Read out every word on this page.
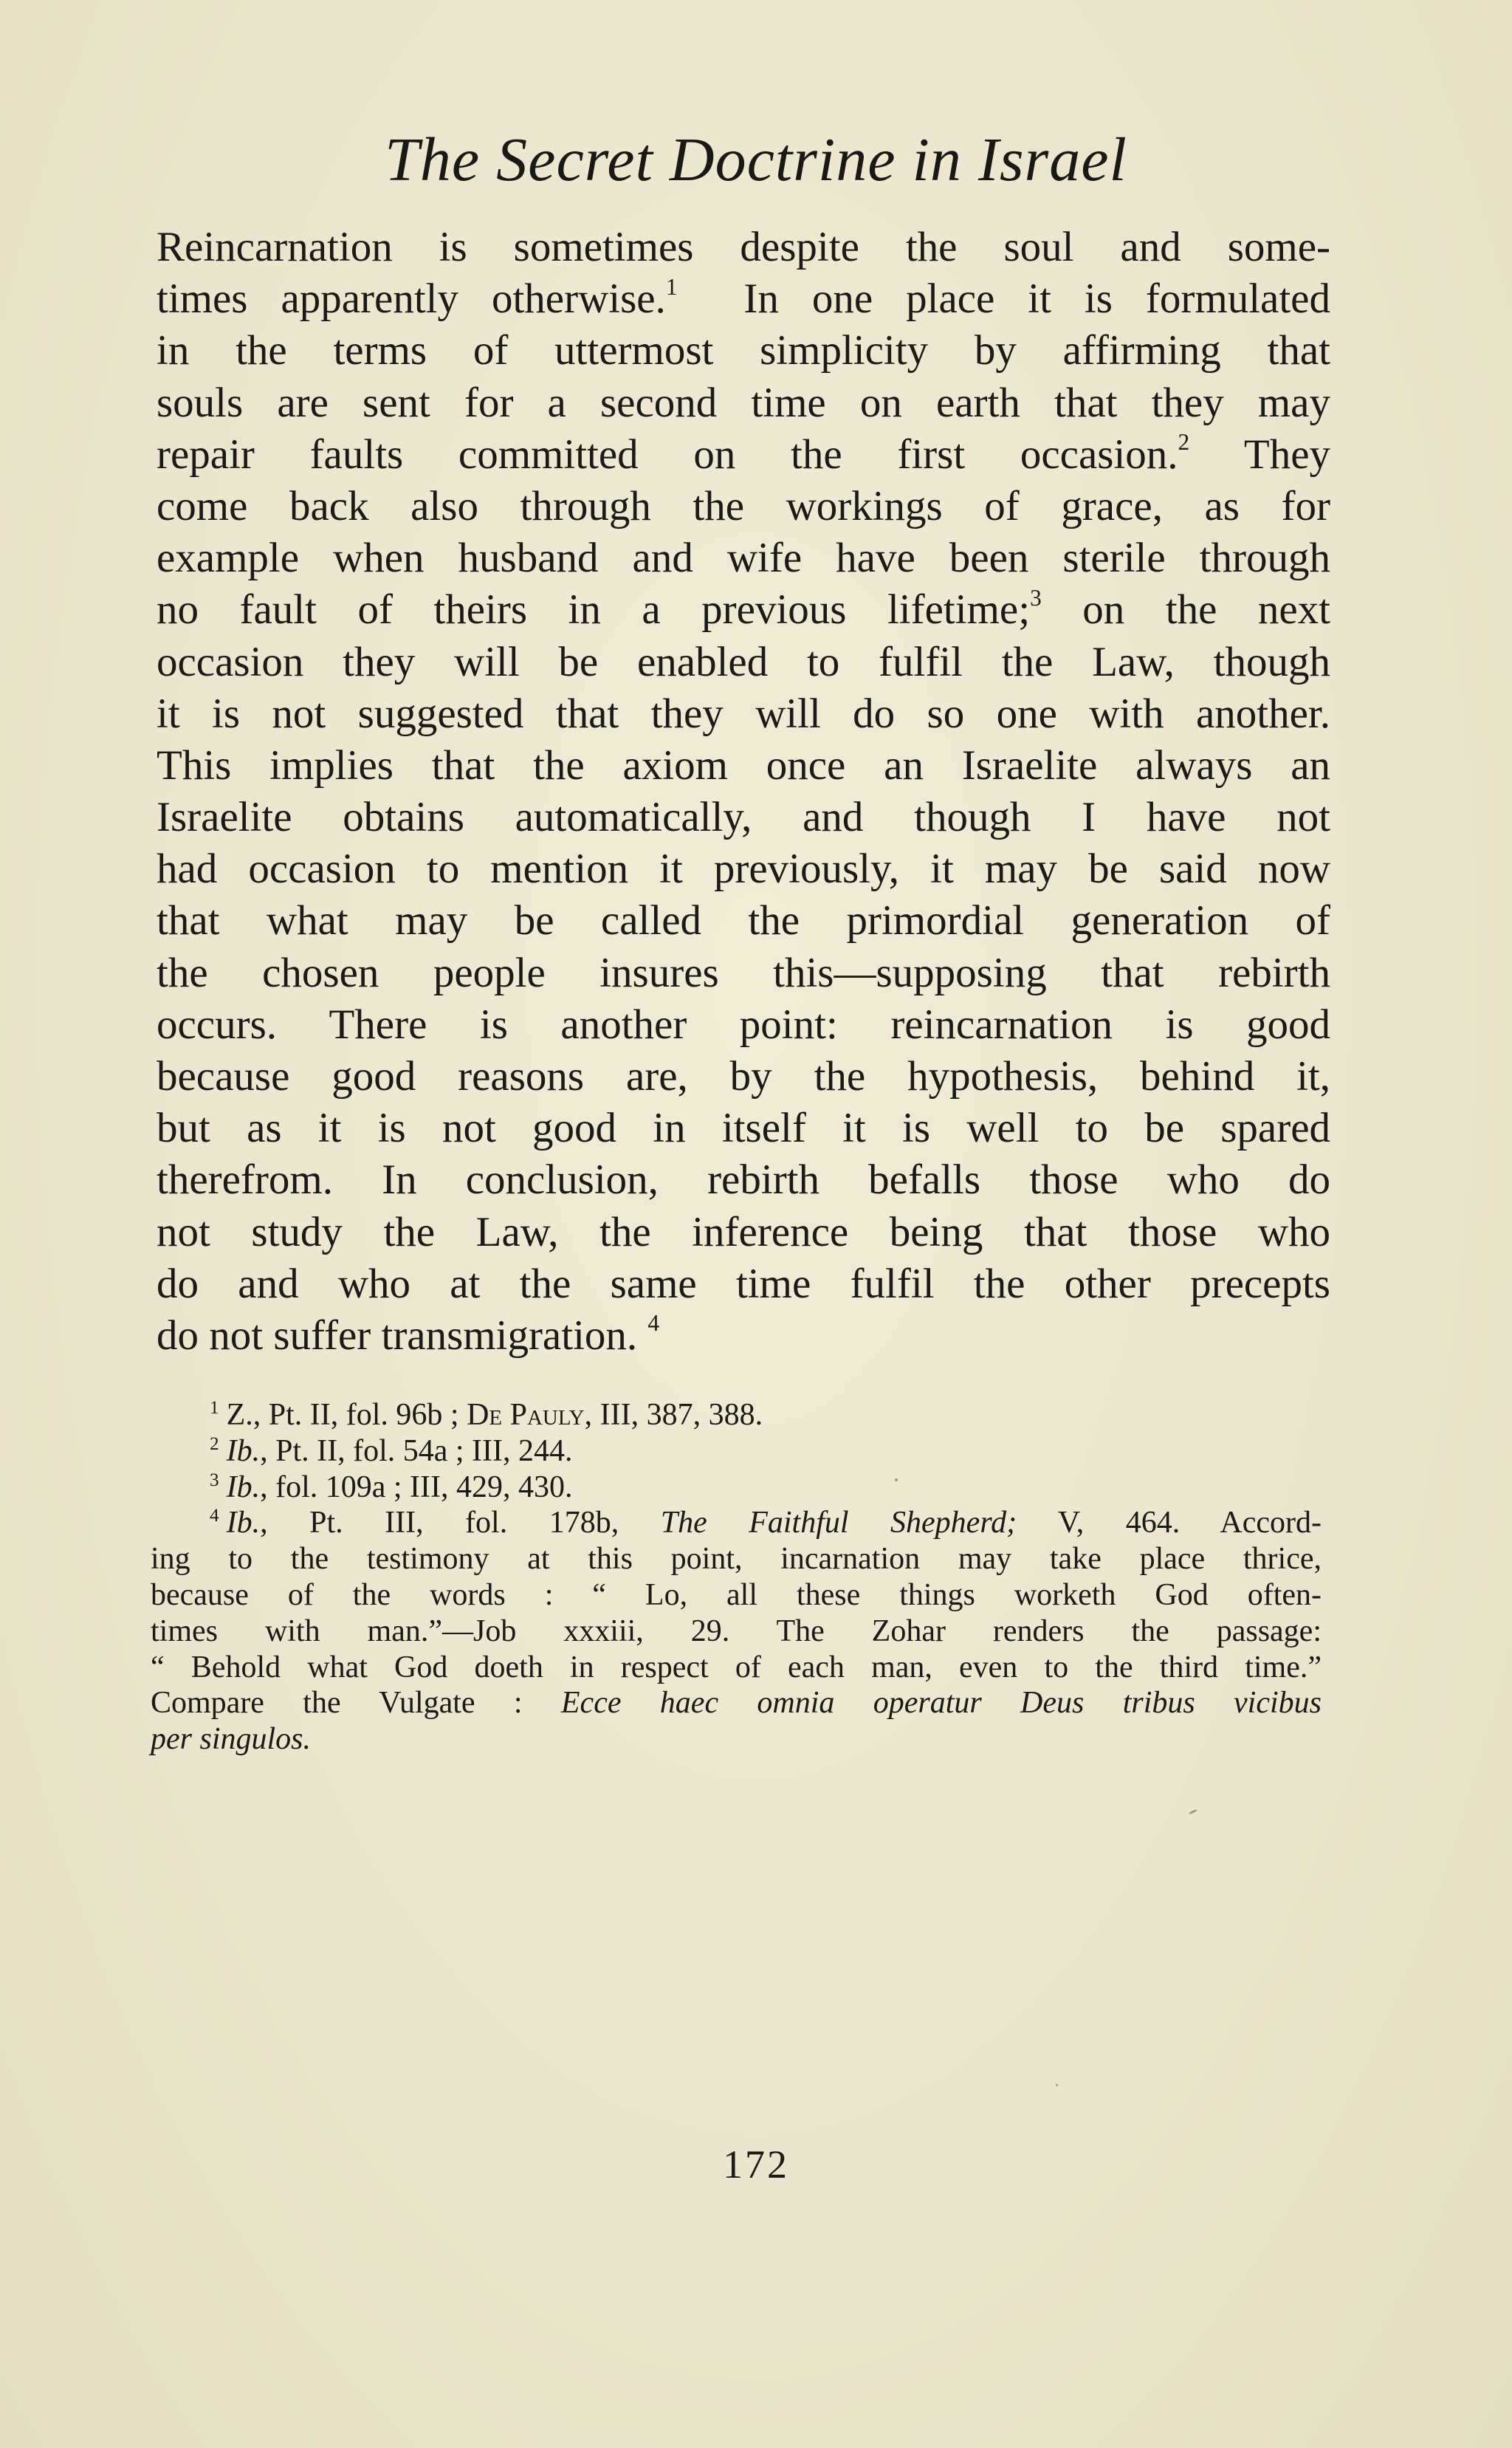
The Secret Doctrine in Israel
Reincarnation is sometimes despite the soul and some-
times apparently otherwise.$^1$ In one place it is formulated
in the terms of uttermost simplicity by affirming that
souls are sent for a second time on earth that they may
repair faults committed on the first occasion.$^2$ They
come back also through the workings of grace, as for
example when husband and wife have been sterile through
no fault of theirs in a previous lifetime;$^3$ on the next
occasion they will be enabled to fulfil the Law, though
it is not suggested that they will do so one with another.
This implies that the axiom once an Israelite always an
Israelite obtains automatically, and though I have not
had occasion to mention it previously, it may be said now
that what may be called the primordial generation of
the chosen people insures this—supposing that rebirth
occurs. There is another point: reincarnation is good
because good reasons are, by the hypothesis, behind it,
but as it is not good in itself it is well to be spared
therefrom. In conclusion, rebirth befalls those who do
not study the Law, the inference being that those who
do and who at the same time fulfil the other precepts
do not suffer transmigration. $^4$
$^1$ Z., Pt. II, fol. 96b ; De Pauly, III, 387, 388.
$^2$ Ib., Pt. II, fol. 54a ; III, 244.
$^3$ Ib., fol. 109a ; III, 429, 430.
$^4$ Ib., Pt. III, fol. 178b, The Faithful Shepherd; V, 464. Accord-
ing to the testimony at this point, incarnation may take place thrice,
because of the words : “ Lo, all these things worketh God often-
times with man.”—Job xxxiii, 29. The Zohar renders the passage:
“ Behold what God doeth in respect of each man, even to the third time.”
Compare the Vulgate : Ecce haec omnia operatur Deus tribus vicibus
per singulos.
172
